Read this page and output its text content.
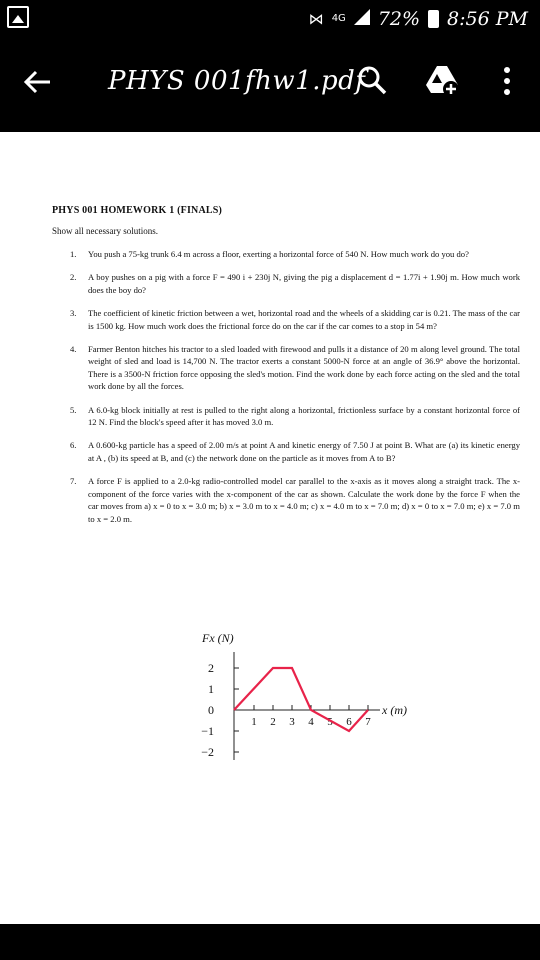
⋈ 4G 72% 8:56 PM
PHYS 001fhw1.pdf
PHYS 001 HOMEWORK 1 (FINALS)
Show all necessary solutions.
1.	You push a 75-kg trunk 6.4 m across a floor, exerting a horizontal force of 540 N. How much work do you do?
2.	A boy pushes on a pig with a force F = 490 i + 230j N, giving the pig a displacement d = 1.77i + 1.90j m. How much work does the boy do?
3.	The coefficient of kinetic friction between a wet, horizontal road and the wheels of a skidding car is 0.21. The mass of the car is 1500 kg. How much work does the frictional force do on the car if the car comes to a stop in 54 m?
4.	Farmer Benton hitches his tractor to a sled loaded with firewood and pulls it a distance of 20 m along level ground. The total weight of sled and load is 14,700 N. The tractor exerts a constant 5000-N force at an angle of 36.9° above the horizontal. There is a 3500-N friction force opposing the sled's motion. Find the work done by each force acting on the sled and the total work done by all the forces.
5.	A 6.0-kg block initially at rest is pulled to the right along a horizontal, frictionless surface by a constant horizontal force of 12 N. Find the block's speed after it has moved 3.0 m.
6.	A 0.600-kg particle has a speed of 2.00 m/s at point A and kinetic energy of 7.50 J at point B. What are (a) its kinetic energy at A , (b) its speed at B, and (c) the network done on the particle as it moves from A to B?
7.	A force F is applied to a 2.0-kg radio-controlled model car parallel to the x-axis as it moves along a straight track. The x-component of the force varies with the x-component of the car as shown. Calculate the work done by the force F when the car moves from a) x = 0 to x = 3.0 m; b) x = 3.0 m to x = 4.0 m; c) x = 4.0 m to x = 7.0 m; d) x = 0 to x = 7.0 m; e) x = 7.0 m to x = 2.0 m.
Fx (N)
2
1
0
−1
−2
1 2 3 4 5 6 7
x (m)
